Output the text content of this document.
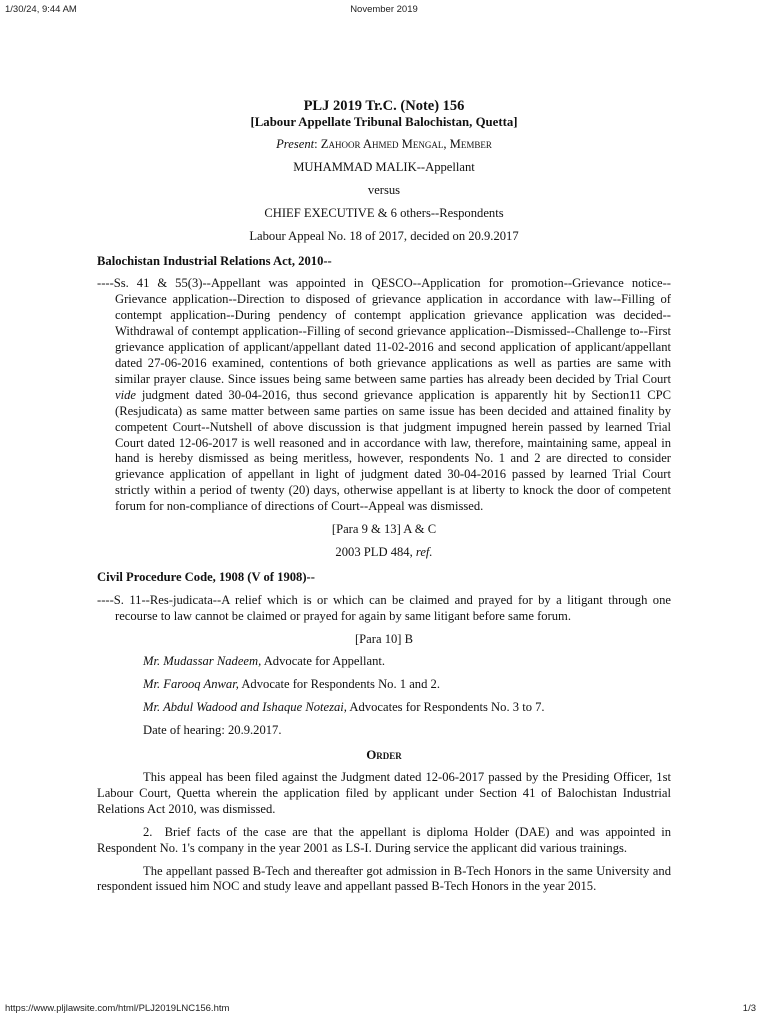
1/30/24, 9:44 AM	November 2019

PLJ 2019 Tr.C. (Note) 156

[Labour Appellate Tribunal Balochistan, Quetta]

Present: Zahoor Ahmed Mengal, Member

MUHAMMAD MALIK--Appellant

versus

CHIEF EXECUTIVE & 6 others--Respondents

Labour Appeal No. 18 of 2017, decided on 20.9.2017

Balochistan Industrial Relations Act, 2010--

----Ss. 41 & 55(3)--Appellant was appointed in QESCO--Application for promotion--Grievance notice--Grievance application--Direction to disposed of grievance application in accordance with law--Filling of contempt application--During pendency of contempt application grievance application was decided--Withdrawal of contempt application--Filling of second grievance application--Dismissed--Challenge to--First grievance application of applicant/appellant dated 11-02-2016 and second application of applicant/appellant dated 27-06-2016 examined, contentions of both grievance applications as well as parties are same with similar prayer clause. Since issues being same between same parties has already been decided by Trial Court vide judgment dated 30-04-2016, thus second grievance application is apparently hit by Section11 CPC (Resjudicata) as same matter between same parties on same issue has been decided and attained finality by competent Court--Nutshell of above discussion is that judgment impugned herein passed by learned Trial Court dated 12-06-2017 is well reasoned and in accordance with law, therefore, maintaining same, appeal in hand is hereby dismissed as being meritless, however, respondents No. 1 and 2 are directed to consider grievance application of appellant in light of judgment dated 30-04-2016 passed by learned Trial Court strictly within a period of twenty (20) days, otherwise appellant is at liberty to knock the door of competent forum for non-compliance of directions of Court--Appeal was dismissed.

[Para 9 & 13] A & C

2003 PLD 484, ref.

Civil Procedure Code, 1908 (V of 1908)--

----S. 11--Res-judicata--A relief which is or which can be claimed and prayed for by a litigant through one recourse to law cannot be claimed or prayed for again by same litigant before same forum.

[Para 10] B

Mr. Mudassar Nadeem, Advocate for Appellant.

Mr. Farooq Anwar, Advocate for Respondents No. 1 and 2.

Mr. Abdul Wadood and Ishaque Notezai, Advocates for Respondents No. 3 to 7.

Date of hearing: 20.9.2017.

Order

This appeal has been filed against the Judgment dated 12-06-2017 passed by the Presiding Officer, 1st Labour Court, Quetta wherein the application filed by applicant under Section 41 of Balochistan Industrial Relations Act 2010, was dismissed.

2.  Brief facts of the case are that the appellant is diploma Holder (DAE) and was appointed in Respondent No. 1's company in the year 2001 as LS-I. During service the applicant did various trainings.

The appellant passed B-Tech and thereafter got admission in B-Tech Honors in the same University and respondent issued him NOC and study leave and appellant passed B-Tech Honors in the year 2015.

https://www.pljlawsite.com/html/PLJ2019LNC156.htm	1/3
